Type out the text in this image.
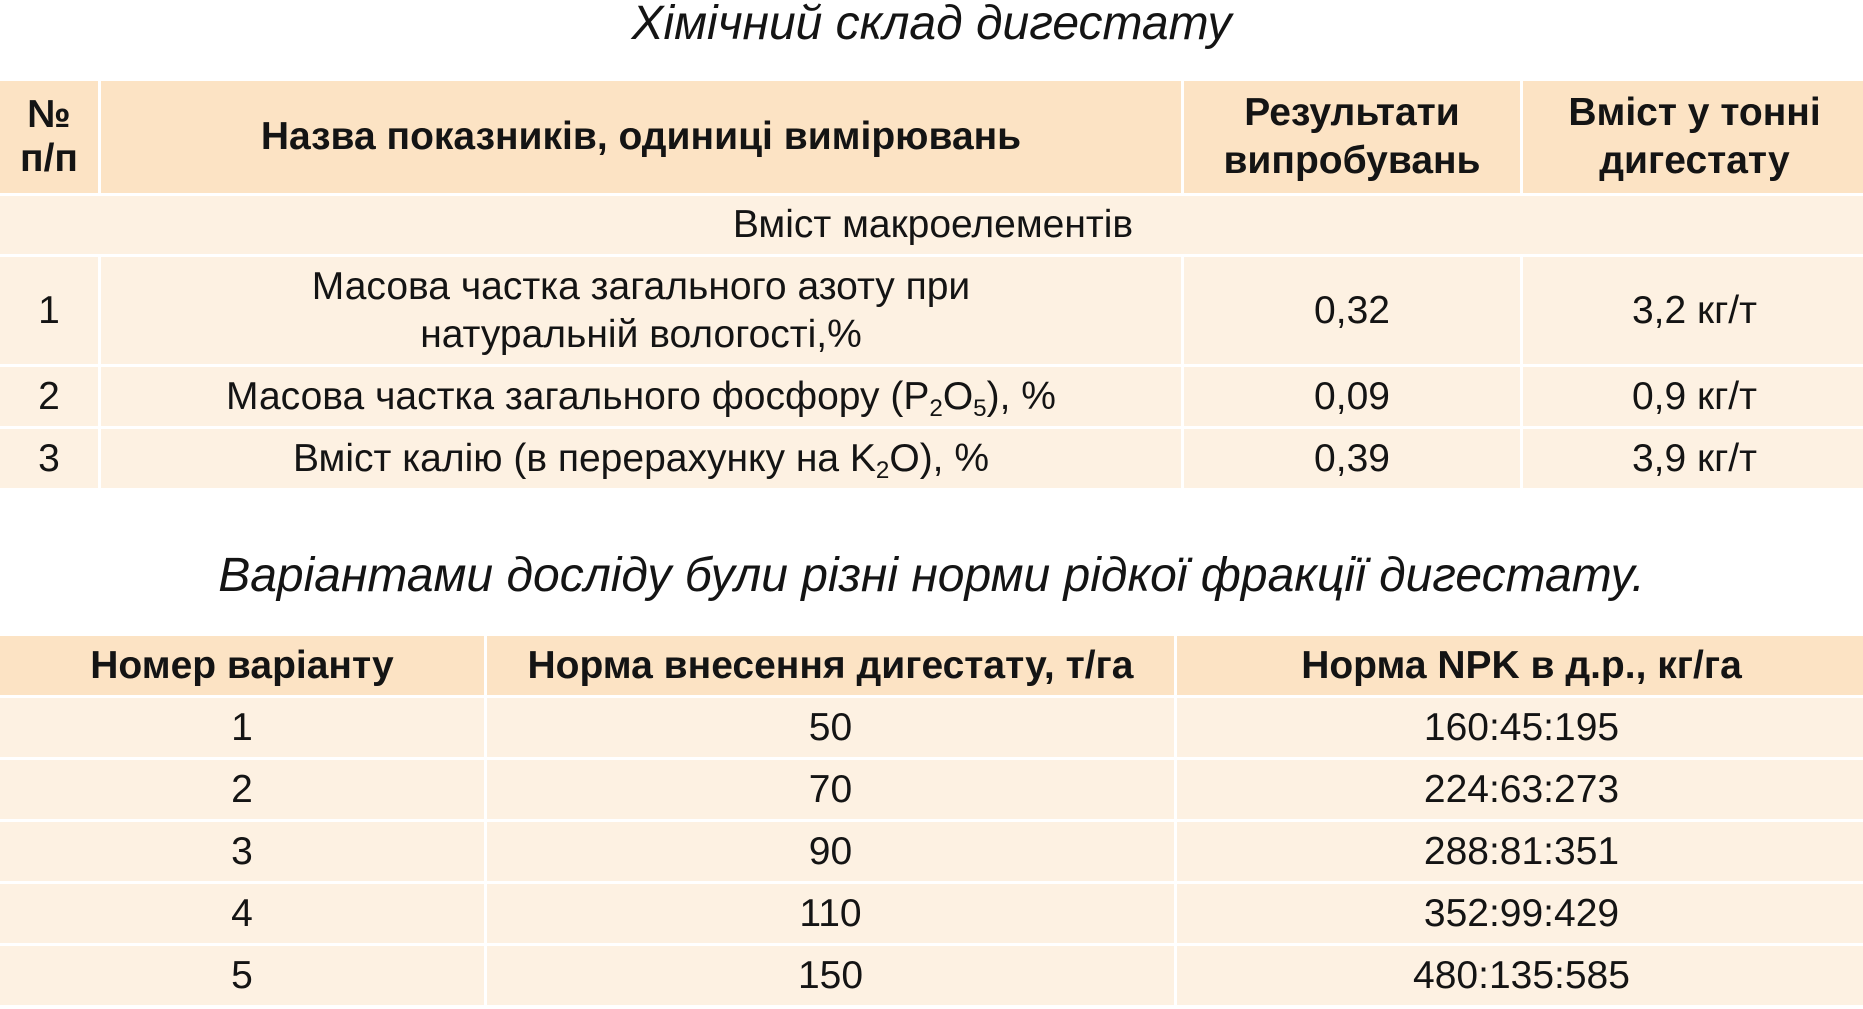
Хімічний склад дигестату
№ п/п	Назва показників, одиниці вимірювань	Результати випробувань	Вміст у тонні дигестату
Вміст макроелементів			
1	Масова частка загального азоту при натуральній вологості,%	0,32	3,2 кг/т
2	Масова частка загального фосфору $(P_2O_5)$, %	0,09	0,9 кг/т
3	Вміст калію (в перерахунку на $K_2O$), %	0,39	3,9 кг/т
Варіантами досліду були різні норми рідкої фракції дигестату.
Номер варіанту	Норма внесення дигестату, т/га	Норма NPK в д.р., кг/га
1	50	160:45:195
2	70	224:63:273
3	90	288:81:351
4	110	352:99:429
5	150	480:135:585
